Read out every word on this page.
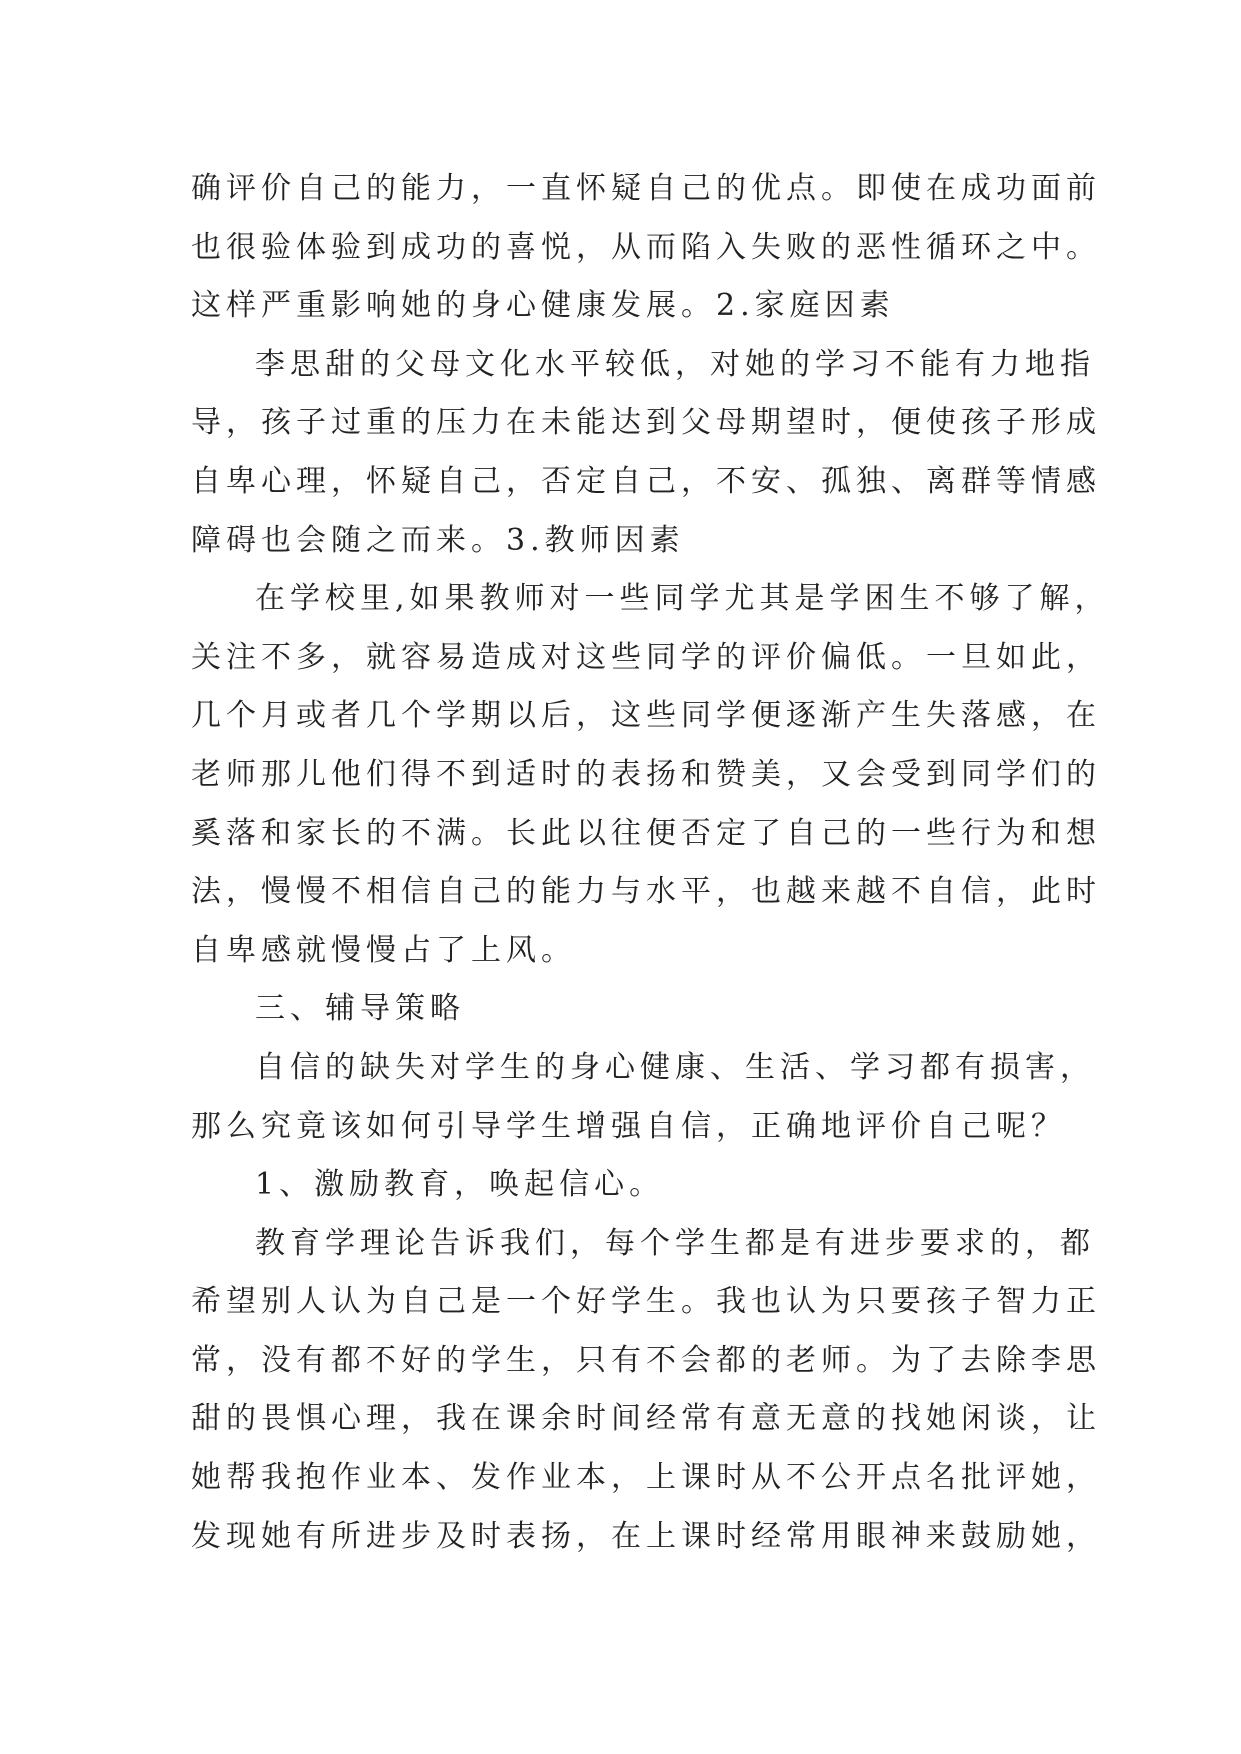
确评价自己的能力，一直怀疑自己的优点。即使在成功面前
也很验体验到成功的喜悦，从而陷入失败的恶性循环之中。
这样严重影响她的身心健康发展。2.家庭因素
李思甜的父母文化水平较低，对她的学习不能有力地指
导，孩子过重的压力在未能达到父母期望时，便使孩子形成
自卑心理，怀疑自己，否定自己，不安、孤独、离群等情感
障碍也会随之而来。3.教师因素
在学校里,如果教师对一些同学尤其是学困生不够了解，
关注不多，就容易造成对这些同学的评价偏低。一旦如此，
几个月或者几个学期以后，这些同学便逐渐产生失落感，在
老师那儿他们得不到适时的表扬和赞美，又会受到同学们的
奚落和家长的不满。长此以往便否定了自己的一些行为和想
法，慢慢不相信自己的能力与水平，也越来越不自信，此时
自卑感就慢慢占了上风。
三、辅导策略
自信的缺失对学生的身心健康、生活、学习都有损害，
那么究竟该如何引导学生增强自信，正确地评价自己呢？
1、激励教育，唤起信心。
教育学理论告诉我们，每个学生都是有进步要求的，都
希望别人认为自己是一个好学生。我也认为只要孩子智力正
常，没有都不好的学生，只有不会都的老师。为了去除李思
甜的畏惧心理，我在课余时间经常有意无意的找她闲谈，让
她帮我抱作业本、发作业本，上课时从不公开点名批评她，
发现她有所进步及时表扬，在上课时经常用眼神来鼓励她，
